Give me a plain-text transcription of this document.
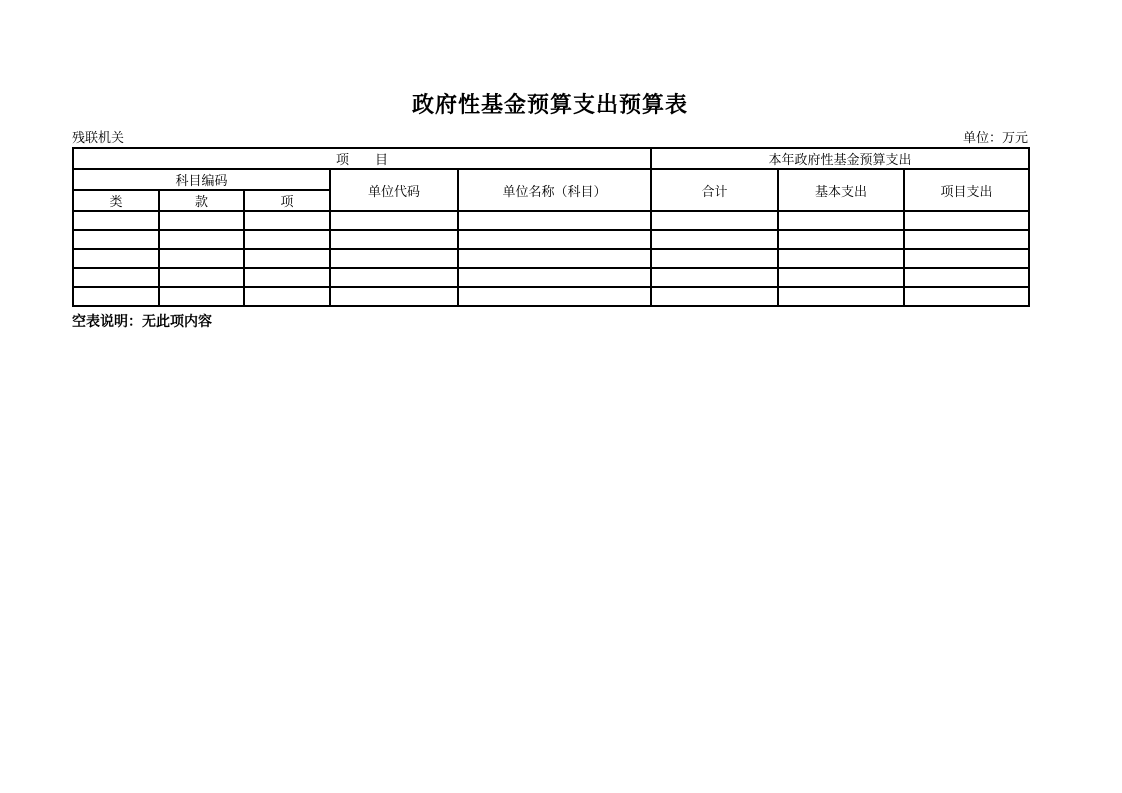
政府性基金预算支出预算表
残联机关	单位：万元
项　　目					本年政府性基金预算支出		
科目编码			单位代码	单位名称（科目）	合计	基本支出	项目支出
类	款	项					

空表说明：无此项内容
